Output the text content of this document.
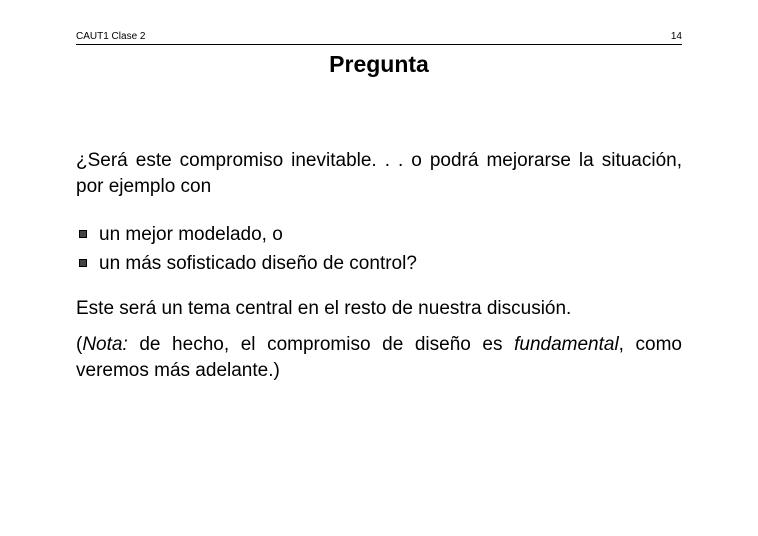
CAUT1 Clase 2	14
Pregunta

¿Será este compromiso inevitable. . . o podrá mejorarse la situación, por ejemplo con

un mejor modelado, o
un más sofisticado diseño de control?

Este será un tema central en el resto de nuestra discusión.

(Nota: de hecho, el compromiso de diseño es fundamental, como veremos más adelante.)
